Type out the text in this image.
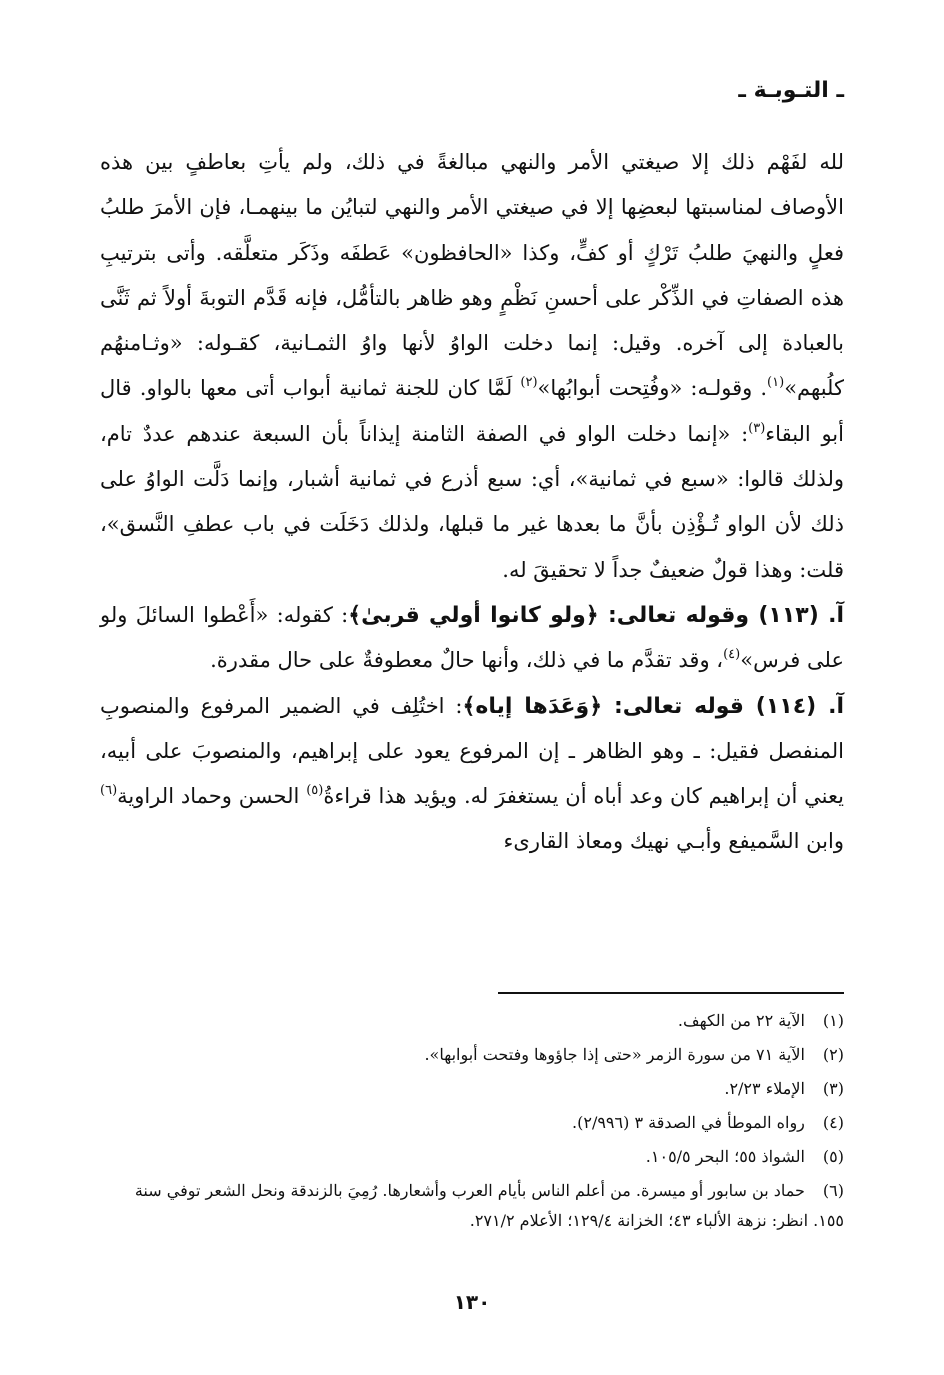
ـ التـوبـة ـ

لله لفَهْم ذلك إلا صيغتي الأمر والنهي مبالغةً في ذلك، ولم يأتِ بعاطفٍ بين هذه الأوصاف لمناسبتها لبعضِها إلا في صيغتي الأمر والنهي لتبايُن ما بينهمـا، فإن الأمرَ طلبُ فعلٍ والنهيَ طلبُ تَرْكٍ أو كفٍّ، وكذا «الحافظون» عَطفَه وذَكَر متعلَّقه. وأتى بترتيبِ هذه الصفاتِ في الذِّكْر على أحسنِ نَظْمٍ وهو ظاهر بالتأمُّل، فإنه قَدَّم التوبةَ أولاً ثم ثَنَّى بالعبادة إلى آخره. وقيل: إنما دخلت الواوُ لأنها واوُ الثمـانية، كقـوله: «وثـامنهُم كلُبهم»$^{(١)}$. وقولـه: «وفُتِحت أبوابُها»$^{(٢)}$ لَمَّا كان للجنة ثمانية أبواب أتى معها بالواو. قال أبو البقاء$^{(٣)}$: «إنما دخلت الواو في الصفة الثامنة إيذاناً بأن السبعة عندهم عددٌ تام، ولذلك قالوا: «سبع في ثمانية»، أي: سبع أذرع في ثمانية أشبار، وإنما دَلَّت الواوُ على ذلك لأن الواو تُـؤْذِن بأنَّ ما بعدها غير ما قبلها، ولذلك دَخَلَت في باب عطفِ النَّسق»، قلت: وهذا قولٌ ضعيفٌ جداً لا تحقيقَ له.

آ. (١١٣) وقوله تعالى: ﴿ولو كانوا أولي قربىٰ﴾: كقوله: «أَعْطوا السائلَ ولو على فرس»$^{(٤)}$، وقد تقدَّم ما في ذلك، وأنها حالٌ معطوفةٌ على حال مقدرة.

آ. (١١٤) قوله تعالى: ﴿وَعَدَها إياه﴾: اختُلِف في الضمير المرفوع والمنصوبِ المنفصل فقيل: ـ وهو الظاهر ـ إن المرفوع يعود على إبراهيم، والمنصوبَ على أبيه، يعني أن إبراهيم كان وعد أباه أن يستغفرَ له. ويؤيد هذا قراءةُ$^{(٥)}$ الحسن وحماد الراوية$^{(٦)}$ وابن السَّميفع وأبـي نهيك ومعاذ القارىء

(١) الآية ٢٢ من الكهف.

(٢) الآية ٧١ من سورة الزمر «حتى إذا جاؤوها وفتحت أبوابها».

(٣) الإملاء ٢/٢٣.

(٤) رواه الموطأ في الصدقة ٣ (٢/٩٩٦).

(٥) الشواذ ٥٥؛ البحر ١٠٥/٥.

(٦) حماد بن سابور أو ميسرة. من أعلم الناس بأيام العرب وأشعارها. رُمِيَ بالزندقة ونحل الشعر توفي سنة ١٥٥. انظر: نزهة الألباء ٤٣؛ الخزانة ١٢٩/٤؛ الأعلام ٢٧١/٢.

١٣٠
